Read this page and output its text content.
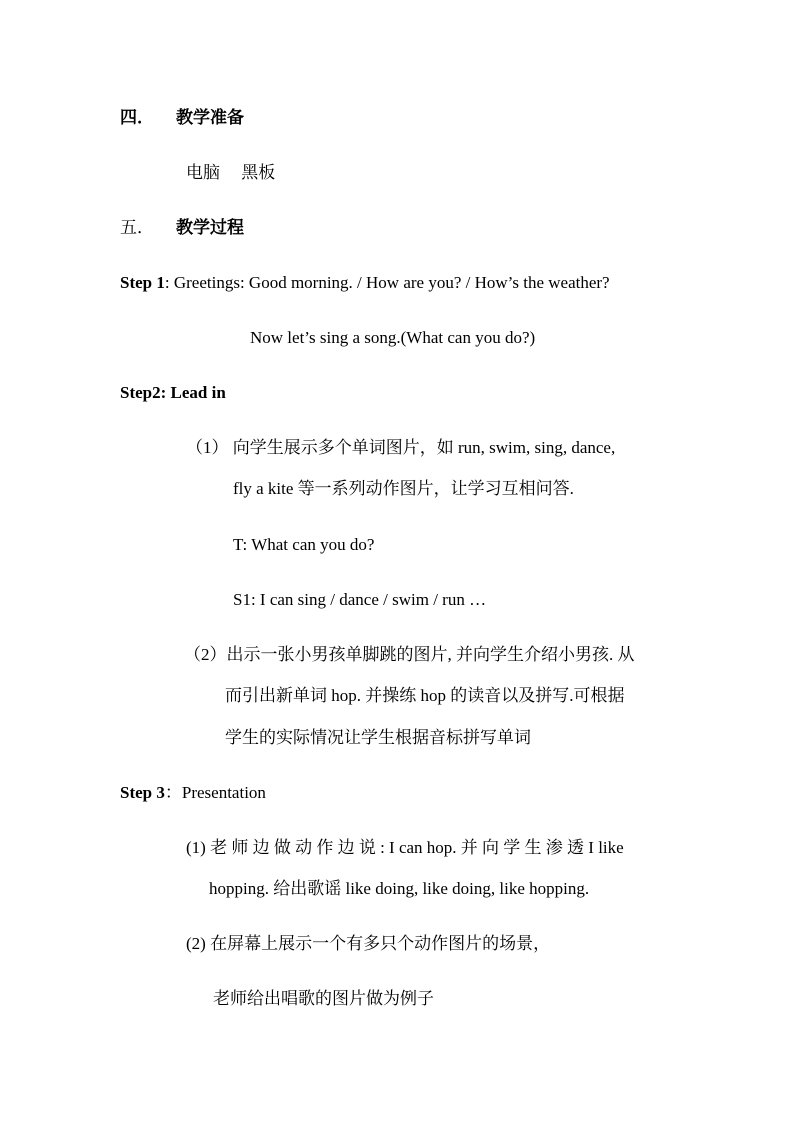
四． 教学准备
电脑　 黑板
五． 教学过程
Step 1: Greetings: Good morning. / How are you? / How’s the weather?
Now let’s sing a song.(What can you do?)
Step2: Lead in
（1） 向学生展示多个单词图片，如 run, swim, sing, dance,
fly a kite 等一系列动作图片，让学习互相问答.
T: What can you do?
S1: I can sing / dance / swim / run …
（2）出示一张小男孩单脚跳的图片, 并向学生介绍小男孩. 从
而引出新单词 hop. 并操练 hop 的读音以及拼写.可根据
学生的实际情况让学生根据音标拼写单词
Step 3：Presentation
(1) 老 师 边 做 动 作 边 说 : I can hop. 并 向 学 生 渗 透 I like
hopping. 给出歌谣 like doing, like doing, like hopping.
(2) 在屏幕上展示一个有多只个动作图片的场景，
老师给出唱歌的图片做为例子
